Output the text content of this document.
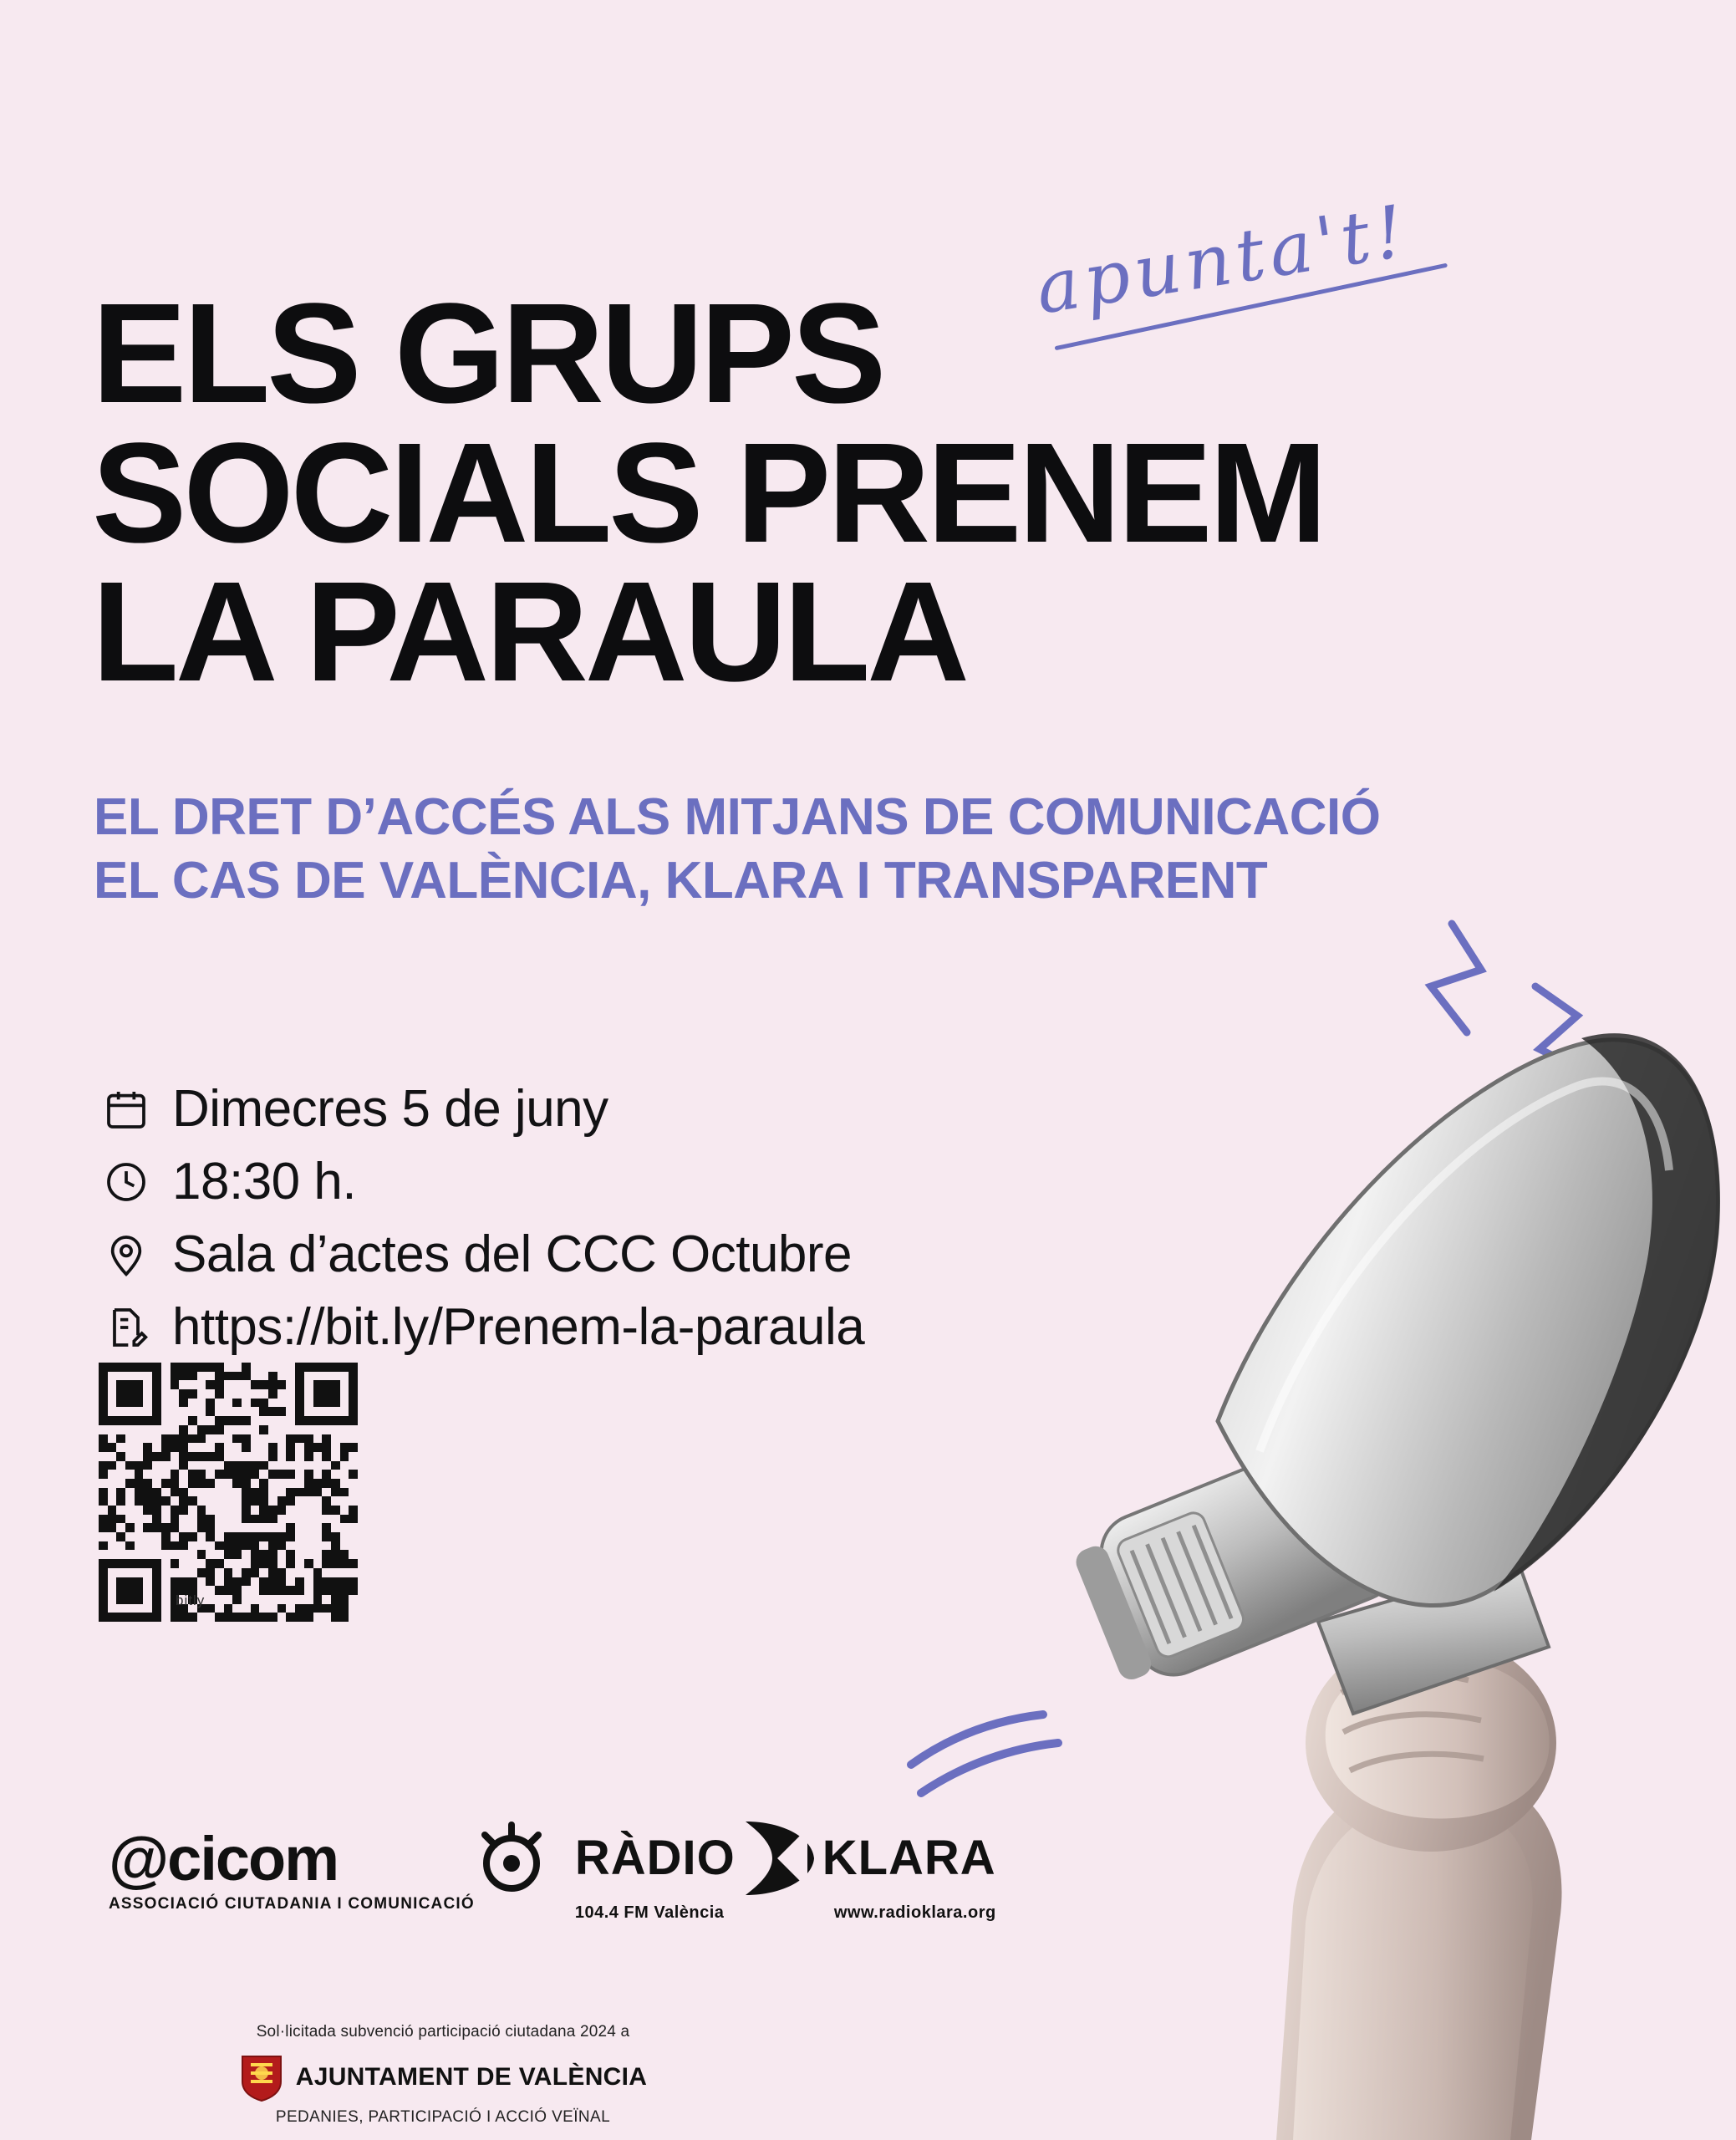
ELS GRUPS
SOCIALS PRENEM
LA PARAULA
apunta't!
EL DRET D’ACCÉS ALS MITJANS DE COMUNICACIÓ
EL CAS DE VALÈNCIA, KLARA I TRANSPARENT
Dimecres 5 de juny
18:30 h.
Sala d’actes del CCC Octubre
https://bit.ly/Prenem-la-paraula
bitly
@cicom
ASSOCIACIÓ CIUTADANIA I COMUNICACIÓ
RÀDIO KLARA
104.4 FM València	www.radioklara.org
Sol·licitada subvenció participació ciutadana 2024 a
AJUNTAMENT DE VALÈNCIA
PEDANIES, PARTICIPACIÓ I ACCIÓ VEÏNAL
